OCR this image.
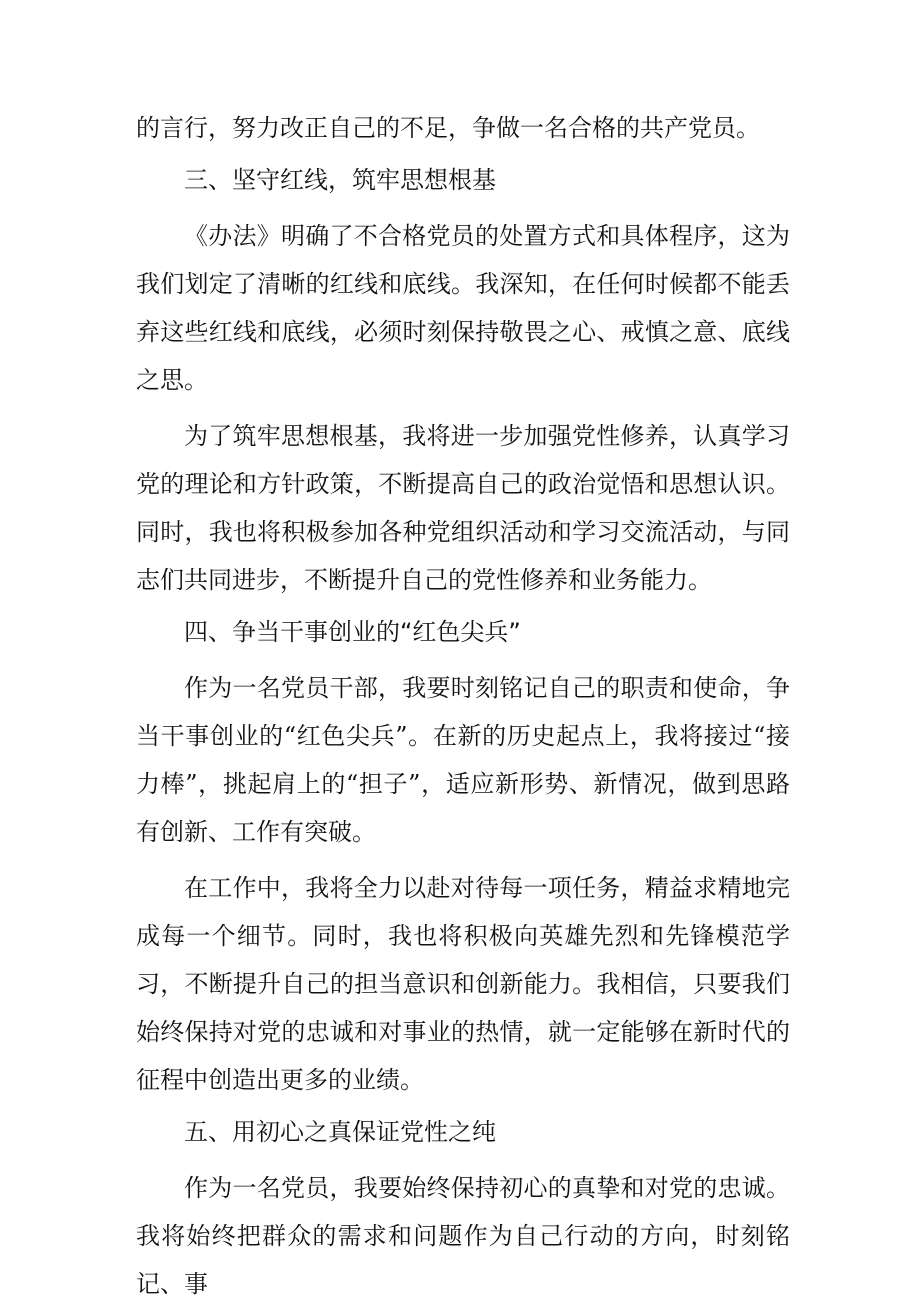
的言行，努力改正自己的不足，争做一名合格的共产党员。

三、坚守红线，筑牢思想根基

《办法》明确了不合格党员的处置方式和具体程序，这为我们划定了清晰的红线和底线。我深知，在任何时候都不能丢弃这些红线和底线，必须时刻保持敬畏之心、戒慎之意、底线之思。

为了筑牢思想根基，我将进一步加强党性修养，认真学习党的理论和方针政策，不断提高自己的政治觉悟和思想认识。同时，我也将积极参加各种党组织活动和学习交流活动，与同志们共同进步，不断提升自己的党性修养和业务能力。

四、争当干事创业的“红色尖兵”

作为一名党员干部，我要时刻铭记自己的职责和使命，争当干事创业的“红色尖兵”。在新的历史起点上，我将接过“接力棒”，挑起肩上的“担子”，适应新形势、新情况，做到思路有创新、工作有突破。

在工作中，我将全力以赴对待每一项任务，精益求精地完成每一个细节。同时，我也将积极向英雄先烈和先锋模范学习，不断提升自己的担当意识和创新能力。我相信，只要我们始终保持对党的忠诚和对事业的热情，就一定能够在新时代的征程中创造出更多的业绩。

五、用初心之真保证党性之纯

作为一名党员，我要始终保持初心的真挚和对党的忠诚。我将始终把群众的需求和问题作为自己行动的方向，时刻铭记、事
